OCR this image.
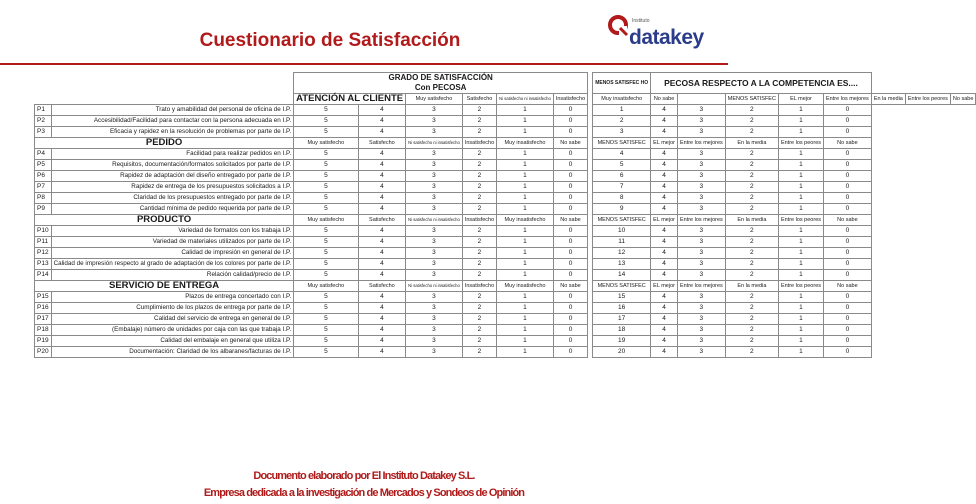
Cuestionario de Satisfacción
Instituto
datakey

		GRADO DE SATISFACCIÓN
Con PECOSA							MENOS SATISFEC HO	PECOSA RESPECTO A LA COMPETENCIA ES....							
		ATENCIÓN AL CLIENTE		Muy satisfecho	Satisfecho	Ni satisfecho ni insatisfecho	Insatisfecho		Muy insatisfecho	No sabe		MENOS SATISFEC	EL mejor	Entre los mejores	En la media	Entre los peores	No sabe
P1	Trato y amabilidad del personal de oficina de I.P.	5	4	3	2	1	0		1	4	3	2	1	0			
P2	Accesibilidad/Facilidad para contactar con la persona adecuada en I.P.	5	4	3	2	1	0		2	4	3	2	1	0			
P3	Eficacia y rapidez en la resolución de problemas por parte de I.P.	5	4	3	2	1	0		3	4	3	2	1	0			
PEDIDO		Muy satisfecho	Satisfecho	Ni satisfecho ni insatisfecho	Insatisfecho	Muy insatisfecho	No sabe		MENOS SATISFEC	EL mejor	Entre los mejores	En la media	Entre los peores	No sabe			
P4	Facilidad para realizar pedidos en I.P.	5	4	3	2	1	0		4	4	3	2	1	0			
P5	Requisitos, documentación/formatos solicitados por parte de I.P.	5	4	3	2	1	0		5	4	3	2	1	0			
P6	Rapidez de adaptación del diseño entregado por parte de I.P.	5	4	3	2	1	0		6	4	3	2	1	0			
P7	Rapidez de entrega de los presupuestos solicitados a I.P.	5	4	3	2	1	0		7	4	3	2	1	0			
P8	Claridad de los presupuestos entregado por parte de I.P.	5	4	3	2	1	0		8	4	3	2	1	0			
P9	Cantidad mínima de pedido requerida por parte de I.P.	5	4	3	2	1	0		9	4	3	2	1	0			
PRODUCTO		Muy satisfecho	Satisfecho	Ni satisfecho ni insatisfecho	Insatisfecho	Muy insatisfecho	No sabe		MENOS SATISFEC	EL mejor	Entre los mejores	En la media	Entre los peores	No sabe			
P10	Variedad de formatos con los trabaja I.P.	5	4	3	2	1	0		10	4	3	2	1	0			
P11	Variedad de materiales utilizados por parte de I.P.	5	4	3	2	1	0		11	4	3	2	1	0			
P12	Calidad de impresión en general de I.P.	5	4	3	2	1	0		12	4	3	2	1	0			
P13	Calidad de impresión respecto al grado de adaptación de los colores por parte de I.P.	5	4	3	2	1	0		13	4	3	2	1	0			
P14	Relación calidad/precio de I.P.	5	4	3	2	1	0		14	4	3	2	1	0			
SERVICIO DE ENTREGA		Muy satisfecho	Satisfecho	Ni satisfecho ni insatisfecho	Insatisfecho	Muy insatisfecho	No sabe		MENOS SATISFEC	EL mejor	Entre los mejores	En la media	Entre los peores	No sabe			
P15	Plazos de entrega concertado con I.P.	5	4	3	2	1	0		15	4	3	2	1	0			
P16	Cumplimiento de los plazos de entrega por parte de I.P.	5	4	3	2	1	0		16	4	3	2	1	0			
P17	Calidad del servicio de entrega en general de I.P.	5	4	3	2	1	0		17	4	3	2	1	0			
P18	(Embalaje) número de unidades por caja con las que trabaja I.P.	5	4	3	2	1	0		18	4	3	2	1	0			
P19	Calidad del embalaje en general que utiliza I.P.	5	4	3	2	1	0		19	4	3	2	1	0			
P20	Documentación: Claridad de los albaranes/facturas de I.P.	5	4	3	2	1	0		20	4	3	2	1	0			
Documento elaborado por El Instituto Datakey S.L.
Empresa dedicada a la investigación de Mercados y Sondeos de Opinión
